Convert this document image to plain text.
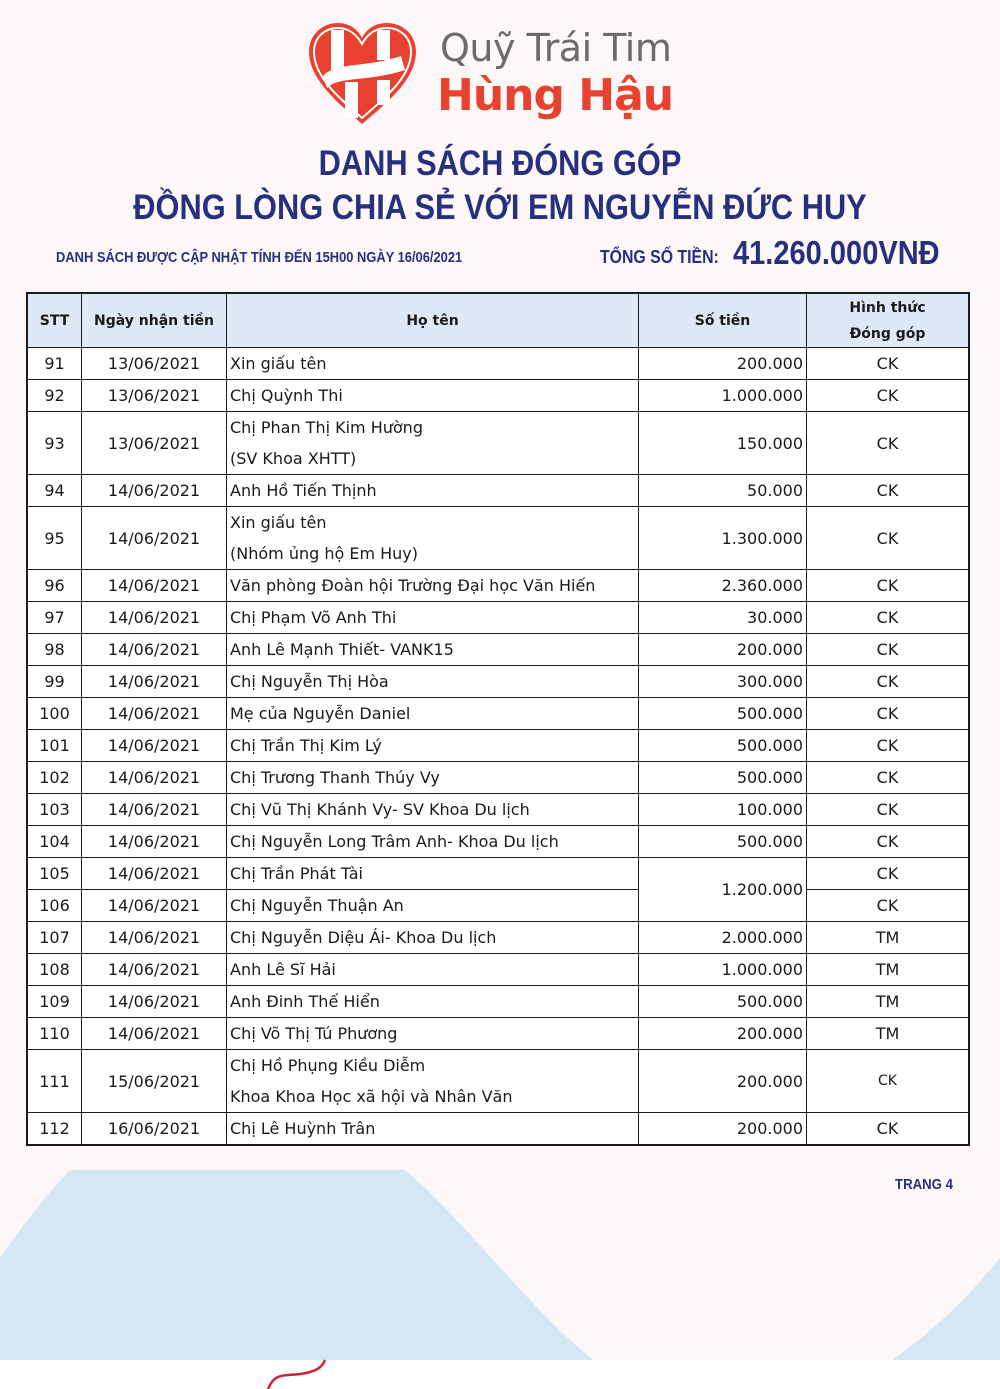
Quỹ Trái Tim
Hùng Hậu
DANH SÁCH ĐÓNG GÓP
ĐỒNG LÒNG CHIA SẺ VỚI EM NGUYỄN ĐỨC HUY
DANH SÁCH ĐƯỢC CẬP NHẬT TÍNH ĐẾN 15H00 NGÀY 16/06/2021	TỔNG SỐ TIỀN: 41.260.000VNĐ
STT	Ngày nhận tiền	Họ tên	Số tiền	Hình thức
Đóng góp

91	13/06/2021	Xin giấu tên	200.000	CK
92	13/06/2021	Chị Quỳnh Thi	1.000.000	CK
93	13/06/2021	Chị Phan Thị Kim Hường
(SV Khoa XHTT)	150.000	CK
94	14/06/2021	Anh Hồ Tiến Thịnh	50.000	CK
95	14/06/2021	Xin giấu tên
(Nhóm ủng hộ Em Huy)	1.300.000	CK
96	14/06/2021	Văn phòng Đoàn hội Trường Đại học Văn Hiến	2.360.000	CK
97	14/06/2021	Chị Phạm Võ Anh Thi	30.000	CK
98	14/06/2021	Anh Lê Mạnh Thiết- VANK15	200.000	CK
99	14/06/2021	Chị Nguyễn Thị Hòa	300.000	CK
100	14/06/2021	Mẹ của Nguyễn Daniel	500.000	CK
101	14/06/2021	Chị Trần Thị Kim Lý	500.000	CK
102	14/06/2021	Chị Trương Thanh Thúy Vy	500.000	CK
103	14/06/2021	Chị Vũ Thị Khánh Vy- SV Khoa Du lịch	100.000	CK
104	14/06/2021	Chị Nguyễn Long Trâm Anh- Khoa Du lịch	500.000	CK
105	14/06/2021	Chị Trần Phát Tài	1.200.000	CK
106	14/06/2021	Chị Nguyễn Thuận An		CK
107	14/06/2021	Chị Nguyễn Diệu Ái- Khoa Du lịch	2.000.000	TM
108	14/06/2021	Anh Lê Sĩ Hải	1.000.000	TM
109	14/06/2021	Anh Đinh Thế Hiển	500.000	TM
110	14/06/2021	Chị Võ Thị Tú Phương	200.000	TM
111	15/06/2021	Chị Hồ Phụng Kiều Diễm
Khoa Khoa Học xã hội và Nhân Văn	200.000	CK
112	16/06/2021	Chị Lê Huỳnh Trân	200.000	CK
TRANG 4
